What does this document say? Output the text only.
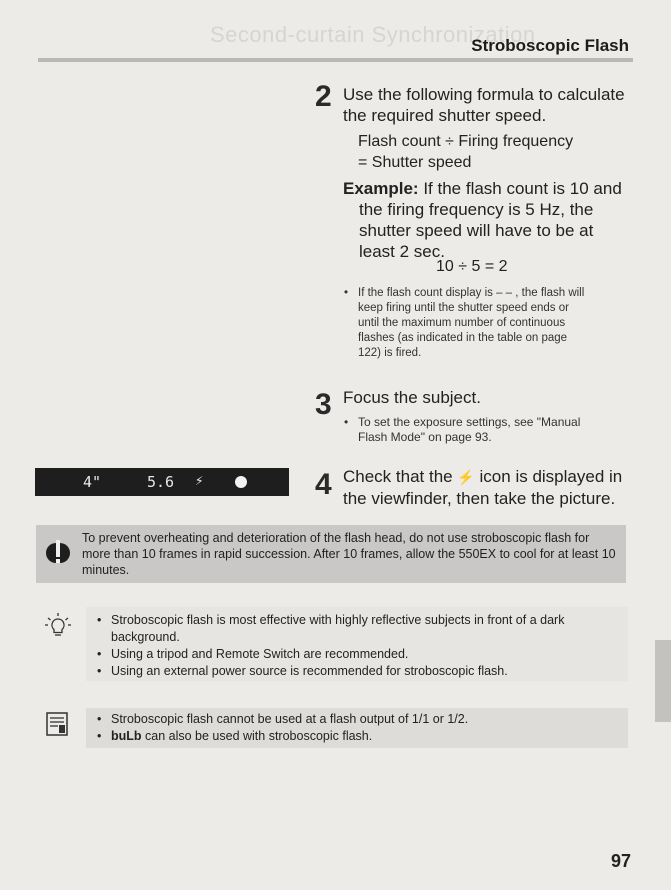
Second-curtain Synchronization
Stroboscopic Flash
2 Use the following formula to calculate
the required shutter speed.
Flash count ÷ Firing frequency
= Shutter speed
Example: If the flash count is 10 and
the firing frequency is 5 Hz, the
shutter speed will have to be at
least 2 sec.
10 ÷ 5 = 2
• If the flash count display is – – , the flash will
keep firing until the shutter speed ends or
until the maximum number of continuous
flashes (as indicated in the table on page
122) is fired.
3 Focus the subject.
• To set the exposure settings, see "Manual
Flash Mode" on page 93.
4"	5.6 ⚡	4 Check that the ⚡ icon is displayed in
the viewfinder, then take the picture.
To prevent overheating and deterioration of the flash head, do not use stroboscopic flash for more than 10 frames in rapid succession. After 10 frames, allow the 550EX to cool for at least 10 minutes.
• Stroboscopic flash is most effective with highly reflective subjects in front of a dark background.
• Using a tripod and Remote Switch are recommended.
• Using an external power source is recommended for stroboscopic flash.
• Stroboscopic flash cannot be used at a flash output of 1/1 or 1/2.
• buLb can also be used with stroboscopic flash.
97
